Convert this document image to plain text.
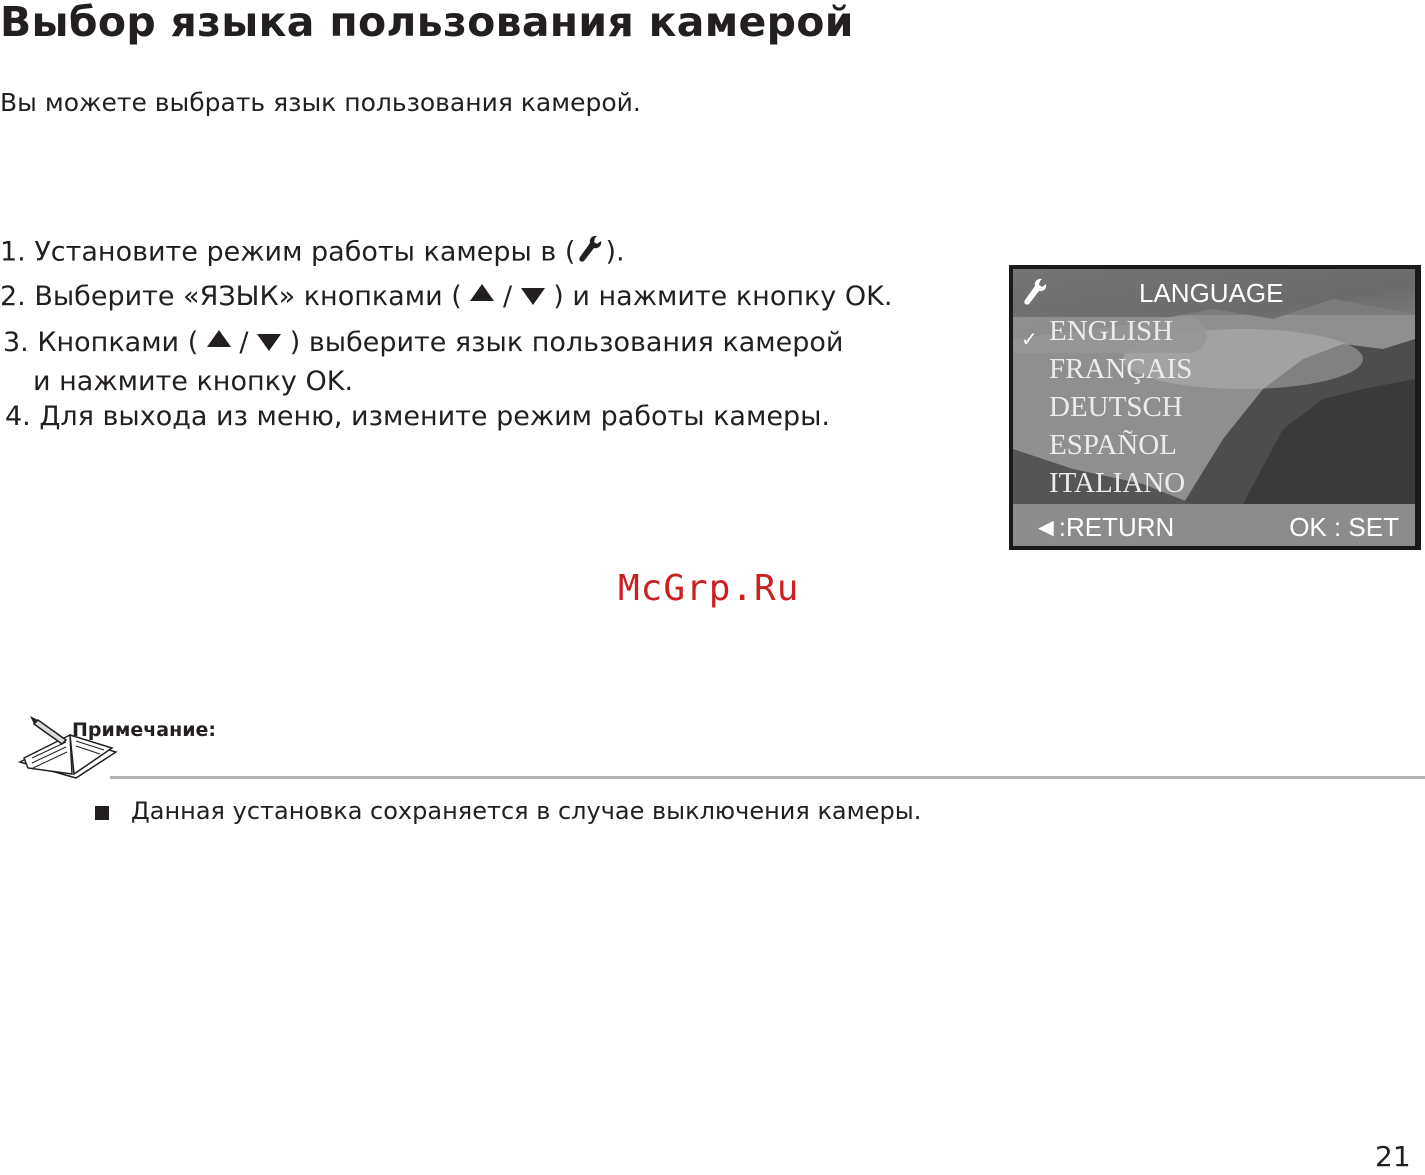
Выбор языка пользования камерой
Вы можете выбрать язык пользования камерой.
1. Установите режим работы камеры в ( ).
2. Выберите «ЯЗЫК» кнопками ( / ) и нажмите кнопку OK.
3. Кнопками ( / ) выберите язык пользования камерой
и нажмите кнопку OK.
4. Для выхода из меню, измените режим работы камеры.
LANGUAGE
✓ ENGLISH
FRANÇAIS
DEUTSCH
ESPAÑOL
ITALIANO
◄:RETURN	OK : SET
McGrp.Ru
Примечание:
Данная установка сохраняется в случае выключения камеры.
21
